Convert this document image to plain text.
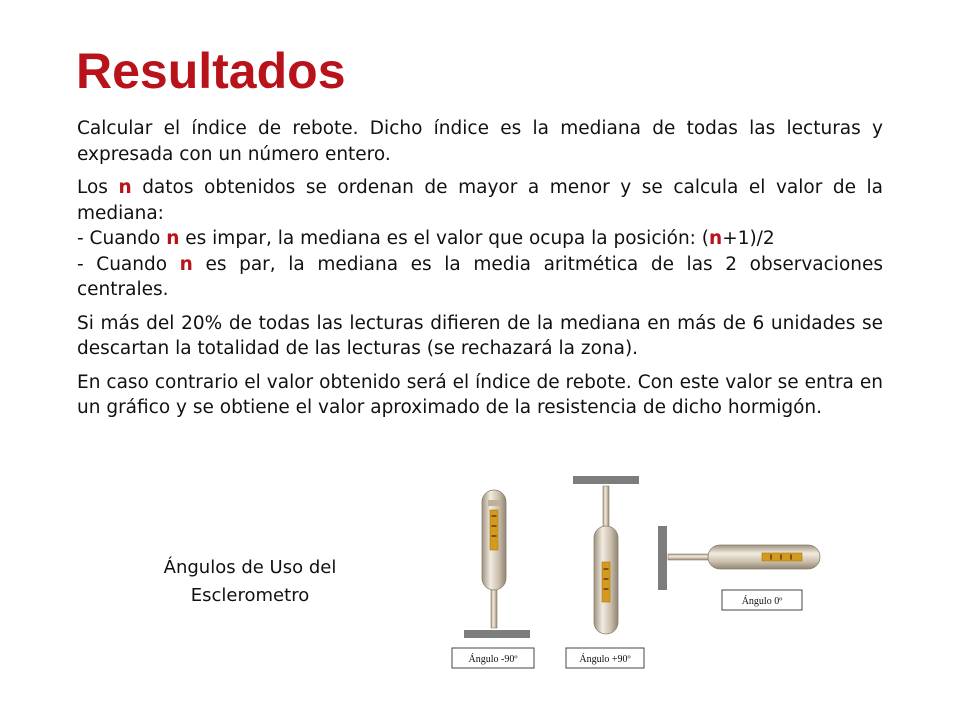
Resultados

Calcular el índice de rebote. Dicho índice es la mediana de todas las lecturas y expresada con un número entero.

Los n datos obtenidos se ordenan de mayor a menor y se calcula el valor de la mediana:
- Cuando n es impar, la mediana es el valor que ocupa la posición: (n+1)/2
- Cuando n es par, la mediana es la media aritmética de las 2 observaciones centrales.

Si más del 20% de todas las lecturas difieren de la mediana en más de 6 unidades se descartan la totalidad de las lecturas (se rechazará la zona).

En caso contrario el valor obtenido será el índice de rebote. Con este valor se entra en un gráfico y se obtiene el valor aproximado de la resistencia de dicho hormigón.

Ángulos de Uso del
Esclerometro
Ángulo -90º	Ángulo +90º
Ángulo 0º
